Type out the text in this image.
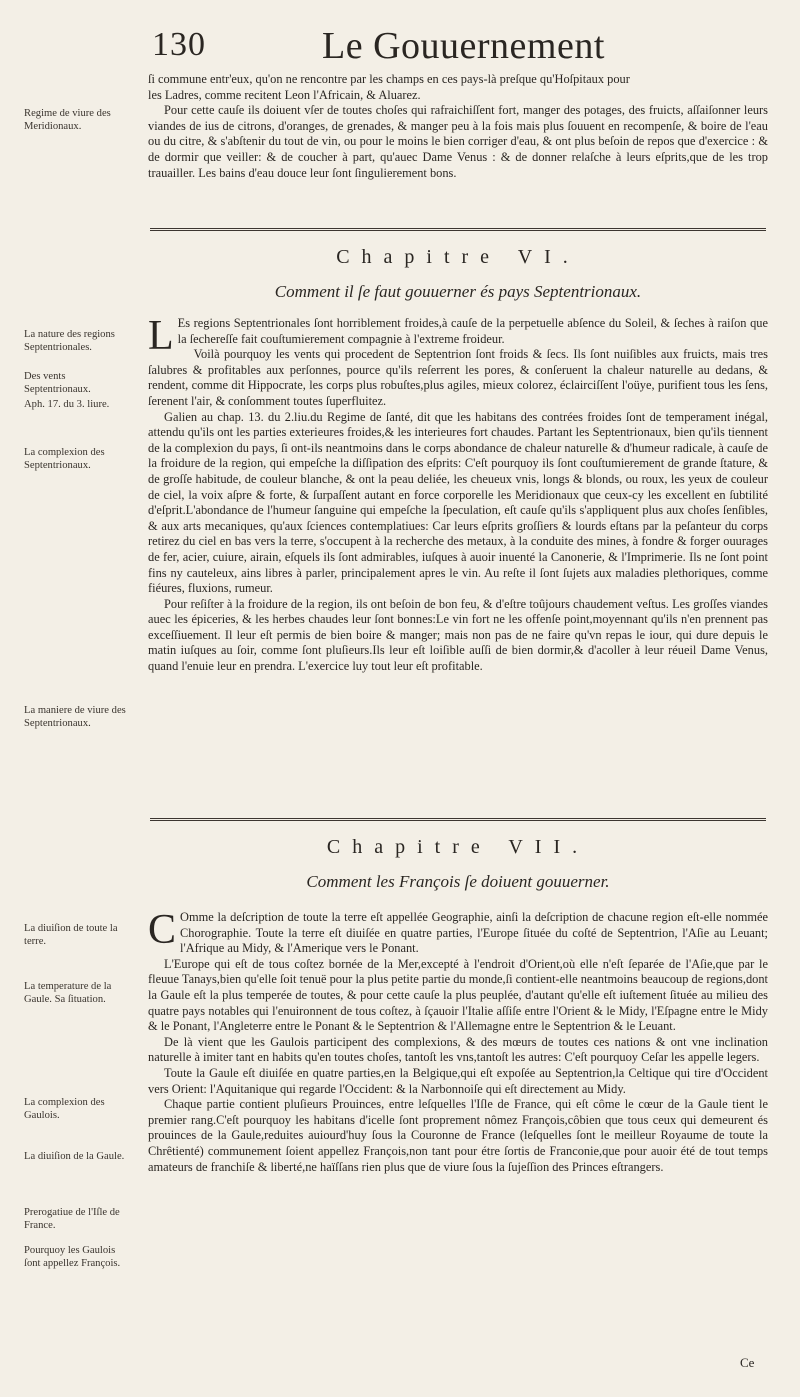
130	Le Gouuernement

Regime de viure des Meridionaux.

ſi commune entr'eux, qu'on ne rencontre par les champs en ces pays-là preſque qu'Hoſpitaux pour

les Ladres, comme recitent Leon l'Africain, & Aluarez.

Pour cette cauſe ils doiuent vſer de toutes choſes qui rafraichiſſent fort, manger des potages, des fruicts, aſſaiſonner leurs viandes de ius de citrons, d'oranges, de grenades, & manger peu à la fois mais plus ſouuent en recompenſe, & boire de l'eau ou du citre, & s'abſtenir du tout de vin, ou pour le moins le bien corriger d'eau, & ont plus beſoin de repos que d'exercice : & de dormir que veiller: & de coucher à part, qu'auec Dame Venus : & de donner relaſche à leurs eſprits,que de les trop trauailler. Les bains d'eau douce leur ſont ſingulierement bons.

Chapitre VI.
Comment il ſe faut gouuerner és pays Septentrionaux.
La nature des regions Septentrionales.
Des vents Septentrionaux.
Aph. 17. du 3. liure.
La complexion des Septentrionaux.
La maniere de viure des Septentrionaux.

L Es regions Septentrionales ſont horriblement froides,à cauſe de la perpetuelle abſence du Soleil, & ſeches à raiſon que la ſechereſſe fait couſtumierement compagnie à l'extreme froideur.

Voilà pourquoy les vents qui procedent de Septentrion ſont froids & ſecs. Ils ſont nuiſibles aux fruicts, mais tres ſalubres & profitables aux perſonnes, pource qu'ils reſerrent les pores, & conſeruent la chaleur naturelle au dedans, & rendent, comme dit Hippocrate, les corps plus robuſtes,plus agiles, mieux colorez, éclairciſſent l'oüye, purifient tous les ſens, ſerenent l'air, & conſomment toutes ſuperfluitez.

Galien au chap. 13. du 2.liu.du Regime de ſanté, dit que les habitans des contrées froides ſont de temperament inégal, attendu qu'ils ont les parties exterieures froides,& les interieures fort chaudes. Partant les Septentrionaux, bien qu'ils tiennent de la complexion du pays, ſi ont-ils neantmoins dans le corps abondance de chaleur naturelle & d'humeur radicale, à cauſe de la froidure de la region, qui empeſche la diſſipation des eſprits: C'eſt pourquoy ils ſont couſtumierement de grande ſtature, & de groſſe habitude, de couleur blanche, & ont la peau deliée, les cheueux vnis, longs & blonds, ou roux, les yeux de couleur de ciel, la voix aſpre & forte, & ſurpaſſent autant en force corporelle les Meridionaux que ceux-cy les excellent en ſubtilité d'eſprit.L'abondance de l'humeur ſanguine qui empeſche la ſpeculation, eſt cauſe qu'ils s'appliquent plus aux choſes ſenſibles, & aux arts mecaniques, qu'aux ſciences contemplatiues: Car leurs eſprits groſſiers & lourds eſtans par la peſanteur du corps retirez du ciel en bas vers la terre, s'occupent à la recherche des metaux, à la conduite des mines, à fondre & forger ouurages de fer, acier, cuiure, airain, eſquels ils ſont admirables, iuſques à auoir inuenté la Canonerie, & l'Imprimerie. Ils ne ſont point fins ny cauteleux, ains libres à parler, principalement apres le vin. Au reſte il ſont ſujets aux maladies plethoriques, comme fiéures, fluxions, rumeur.

Pour reſiſter à la froidure de la region, ils ont beſoin de bon feu, & d'eſtre toûjours chaudement veſtus. Les groſſes viandes auec les épiceries, & les herbes chaudes leur ſont bonnes:Le vin fort ne les offenſe point,moyennant qu'ils n'en prennent pas exceſſiuement. Il leur eſt permis de bien boire & manger; mais non pas de ne faire qu'vn repas le iour, qui dure depuis le matin iuſques au ſoir, comme ſont pluſieurs.Ils leur eſt loiſible auſſi de bien dormir,& d'acoller à leur réueil Dame Venus, quand l'enuie leur en prendra. L'exercice luy tout leur eſt profitable.

Chapitre VII.
Comment les François ſe doiuent gouuerner.
La diuiſion de toute la terre.
La temperature de la Gaule. Sa ſituation.
La complexion des Gaulois.
La diuiſion de la Gaule.
Prerogatiue de l'Iſle de France.
Pourquoy les Gaulois ſont appellez François.

C Omme la deſcription de toute la terre eſt appellée Geographie, ainſi la deſcription de chacune region eſt-elle nommée Chorographie. Toute la terre eſt diuiſée en quatre parties, l'Europe ſituée du coſté de Septentrion, l'Aſie au Leuant; l'Afrique au Midy, & l'Amerique vers le Ponant.

L'Europe qui eſt de tous coſtez bornée de la Mer,excepté à l'endroit d'Orient,où elle n'eſt ſeparée de l'Aſie,que par le fleuue Tanays,bien qu'elle ſoit tenuë pour la plus petite partie du monde,ſi contient-elle neantmoins beaucoup de regions,dont la Gaule eſt la plus temperée de toutes, & pour cette cauſe la plus peuplée, d'autant qu'elle eſt iuſtement ſituée au milieu des quatre pays notables qui l'enuironnent de tous coſtez, à ſçauoir l'Italie aſſiſe entre l'Orient & le Midy, l'Eſpagne entre le Midy & le Ponant, l'Angleterre entre le Ponant & le Septentrion & l'Allemagne entre le Septentrion & le Leuant.

De là vient que les Gaulois participent des complexions, & des mœurs de toutes ces nations & ont vne inclination naturelle à imiter tant en habits qu'en toutes choſes, tantoſt les vns,tantoſt les autres: C'eſt pourquoy Ceſar les appelle legers.

Toute la Gaule eſt diuiſée en quatre parties,en la Belgique,qui eſt expoſée au Septentrion,la Celtique qui tire d'Occident vers Orient: l'Aquitanique qui regarde l'Occident: & la Narbonnoiſe qui eſt directement au Midy.

Chaque partie contient pluſieurs Prouinces, entre leſquelles l'Iſle de France, qui eſt côme le cœur de la Gaule tient le premier rang.C'eſt pourquoy les habitans d'icelle ſont proprement nômez François,côbien que tous ceux qui demeurent és prouinces de la Gaule,reduites auiourd'huy ſous la Couronne de France (leſquelles ſont le meilleur Royaume de toute la Chrêtienté) communement ſoient appellez François,non tant pour étre ſortis de Franconie,que pour auoir été de tout temps amateurs de franchiſe & liberté,ne haïſſans rien plus que de viure ſous la ſujeſſion des Princes eſtrangers.

Ce
